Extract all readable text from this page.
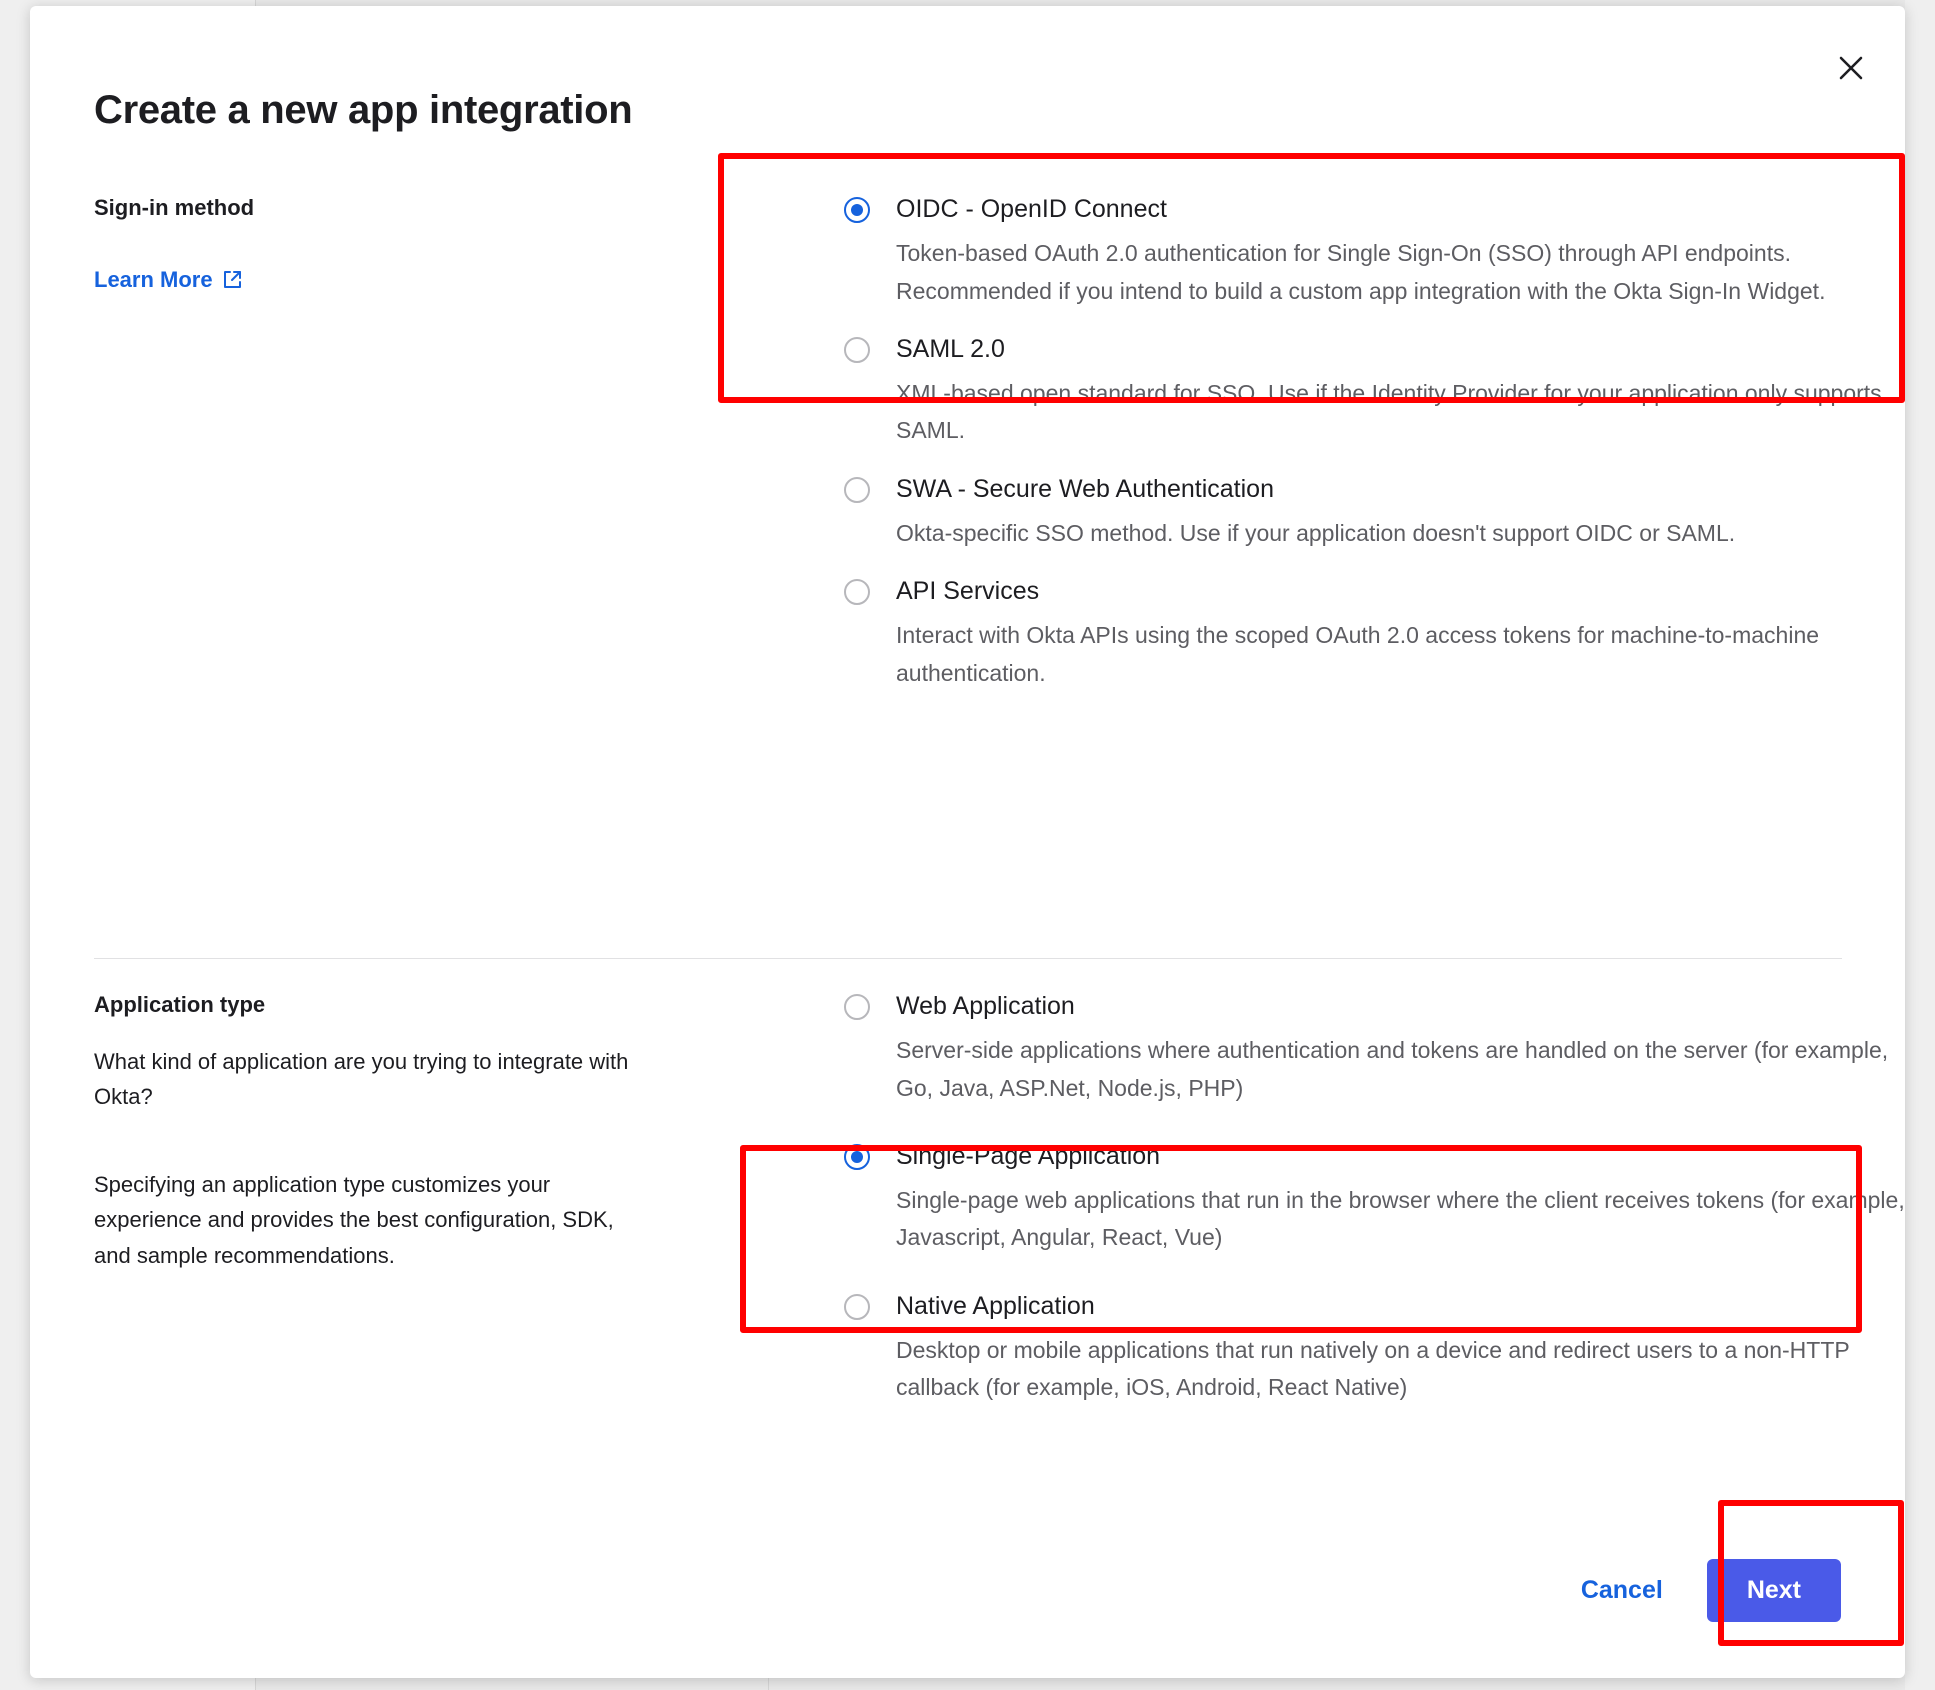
Create a new app integration
Sign-in method
Learn More
OIDC - OpenID Connect
Token-based OAuth 2.0 authentication for Single Sign-On (SSO) through API endpoints. Recommended if you intend to build a custom app integration with the Okta Sign-In Widget.
SAML 2.0
XML-based open standard for SSO. Use if the Identity Provider for your application only supports SAML.
SWA - Secure Web Authentication
Okta-specific SSO method. Use if your application doesn't support OIDC or SAML.
API Services
Interact with Okta APIs using the scoped OAuth 2.0 access tokens for machine-to-machine authentication.
Application type
What kind of application are you trying to integrate with Okta?
Specifying an application type customizes your experience and provides the best configuration, SDK, and sample recommendations.
Web Application
Server-side applications where authentication and tokens are handled on the server (for example, Go, Java, ASP.Net, Node.js, PHP)
Single-Page Application
Single-page web applications that run in the browser where the client receives tokens (for example, Javascript, Angular, React, Vue)
Native Application
Desktop or mobile applications that run natively on a device and redirect users to a non-HTTP callback (for example, iOS, Android, React Native)
Cancel	Next
